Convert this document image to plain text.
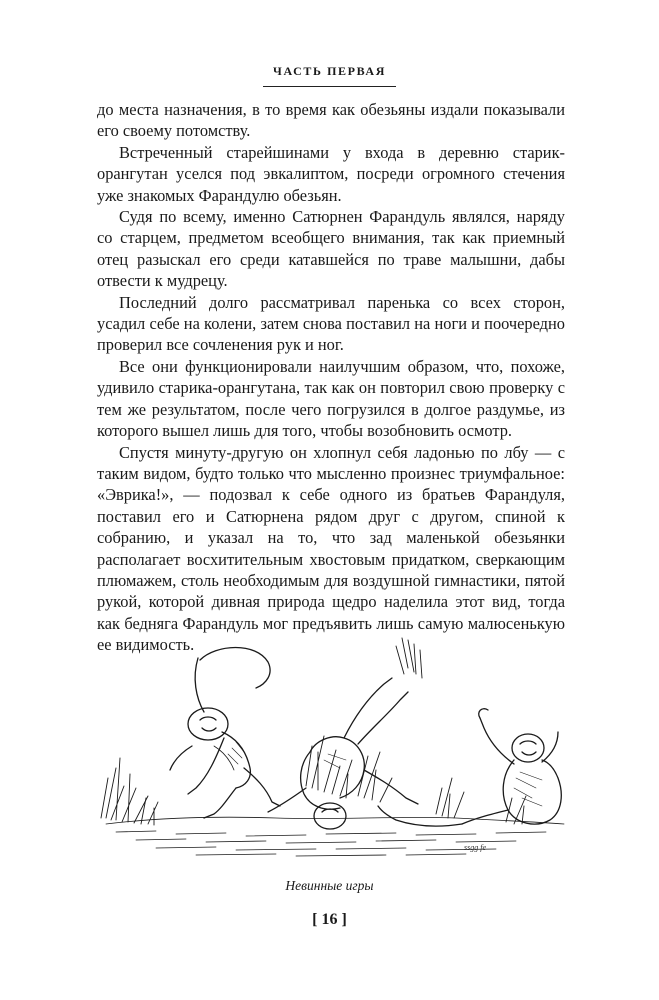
ЧАСТЬ ПЕРВАЯ

до места назначения, в то время как обезьяны издали показывали его своему потомству.

Встреченный старейшинами у входа в деревню старик-орангутан уселся под эвкалиптом, посреди огромного стечения уже знакомых Фарандулю обезьян.

Судя по всему, именно Сатюрнен Фарандуль являлся, наряду со старцем, предметом всеобщего внимания, так как приемный отец разыскал его среди катавшейся по траве малышни, дабы отвести к мудрецу.

Последний долго рассматривал паренька со всех сторон, усадил себе на колени, затем снова поставил на ноги и поочередно проверил все сочленения рук и ног.

Все они функционировали наилучшим образом, что, похоже, удивило старика-орангутана, так как он повторил свою проверку с тем же результатом, после чего погрузился в долгое раздумье, из которого вышел лишь для того, чтобы возобновить осмотр.

Спустя минуту-другую он хлопнул себя ладонью по лбу — с таким видом, будто только что мысленно произнес триумфальное: «Эврика!», — подозвал к себе одного из братьев Фарандуля, поставил его и Сатюрнена рядом друг с другом, спиной к собранию, и указал на то, что зад маленькой обезьянки располагает восхитительным хвостовым придатком, сверкающим плюмажем, столь необходимым для воздушной гимнастики, пятой рукой, которой дивная природа щедро наделила этот вид, тогда как бедняга Фарандуль мог предъявить лишь самую малюсенькую ее видимость.

ssgg fe
Невинные игры
[ 16 ]
